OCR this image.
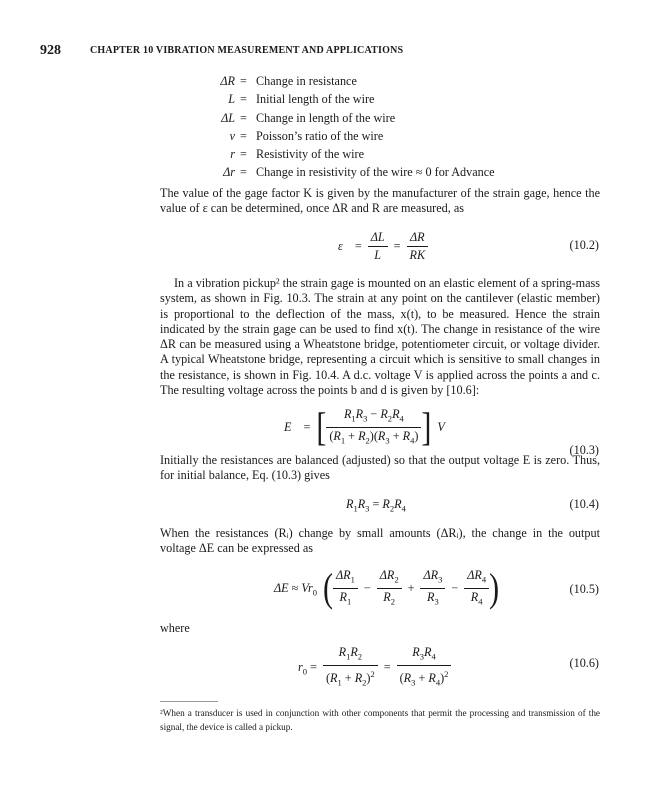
928	CHAPTER 10 VIBRATION MEASUREMENT AND APPLICATIONS
ΔR = Change in resistance
L = Initial length of the wire
ΔL = Change in length of the wire
ν = Poisson’s ratio of the wire
r = Resistivity of the wire
Δr = Change in resistivity of the wire ≈ 0 for Advance

The value of the gage factor K is given by the manufacturer of the strain gage, hence the value of ε can be determined, once ΔR and R are measured, as

$\varepsilon = \frac{\Delta L}{L} = \frac{\Delta R}{RK}$	(10.2)

In a vibration pickup² the strain gage is mounted on an elastic element of a spring-mass system, as shown in Fig. 10.3. The strain at any point on the cantilever (elastic member) is proportional to the deflection of the mass, x(t), to be measured. Hence the strain indicated by the strain gage can be used to find x(t). The change in resistance of the wire ΔR can be measured using a Wheatstone bridge, potentiometer circuit, or voltage divider. A typical Wheatstone bridge, representing a circuit which is sensitive to small changes in the resistance, is shown in Fig. 10.4. A d.c. voltage V is applied across the points a and c. The resulting voltage across the points b and d is given by [10.6]:

E = [ $\frac{R_1R_3 - R_2R_4}{(R_1 + R_2)(R_3 + R_4)}$ ] V
(10.3)

Initially the resistances are balanced (adjusted) so that the output voltage E is zero. Thus, for initial balance, Eq. (10.3) gives

$R_1R_3 = R_2R_4$	(10.4)

When the resistances (Rᵢ) change by small amounts (ΔRᵢ), the change in the output voltage ΔE can be expressed as

$\Delta E \approx Vr_0$ ( $\frac{\Delta R_1}{R_1} - \frac{\Delta R_2}{R_2} + \frac{\Delta R_3}{R_3} - \frac{\Delta R_4}{R_4}$ )	(10.5)

where

$r_0 = \frac{R_1R_2}{(R_1 + R_2)^2} = \frac{R_3R_4}{(R_3 + R_4)^2}$	(10.6)
²When a transducer is used in conjunction with other components that permit the processing and transmission of the signal, the device is called a pickup.
